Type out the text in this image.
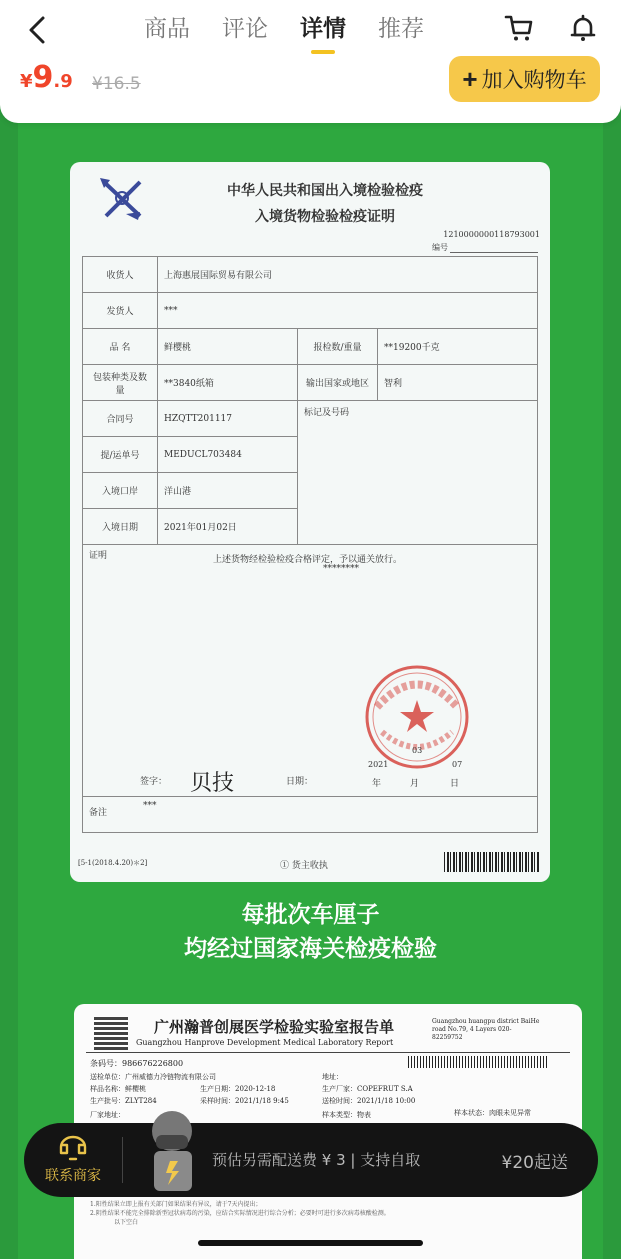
商品	评论	详情	推荐
¥9.9 ¥16.5	+ 加入购物车
中华人民共和国出入境检验检疫
入境货物检验检疫证明
1210000000118793001
编号
收货人	上海惠展国际贸易有限公司		
发货人	***		
品 名	鲜樱桃	报检数/重量	**19200千克
包装种类及数量	**3840纸箱	输出国家或地区	智利
合同号	HZQTT201117	标记及号码	
提/运单号	MEDUCL703484		
入境口岸	洋山港		
入境日期	2021年01月02日		
证明	上述货物经检验检疫合格评定，予以通关放行。
********
签字： 贝技	日期：
2021	07
年	月	日
03
备注
***
[5-1(2018.4.20)＊2]	① 货主收执
每批次车厘子
均经过国家海关检疫检验
广州瀚普创展医学检验实验室报告单
Guangzhou Hanprove Development Medical Laboratory Report
Guangzhou huangpu district BaiHe road No.79, 4 Layers 020-82259752
条码号：986676226800
送检单位：广州威德力冷链物流有限公司	地址：
样品名称：鲜樱桃	生产日期：2020-12-18	生产厂家：COPEFRUT S.A
生产批号：ZLYT284	采样时间：2021/1/18 9:45	送检时间：2021/1/18 10:00
厂家地址：	样本类型：物表	样本状态：肉眼未见异常
1.阳性结果立即上报有关部门如果结果有异议，请于7天内提出；
2.阴性结果不能完全排除新型冠状病毒的污染，应结合实际情况进行综合分析；必要时可进行多次病毒核酸检测。
以下空白
联系商家
预估另需配送费 ¥ 3 | 支持自取	¥20起送
